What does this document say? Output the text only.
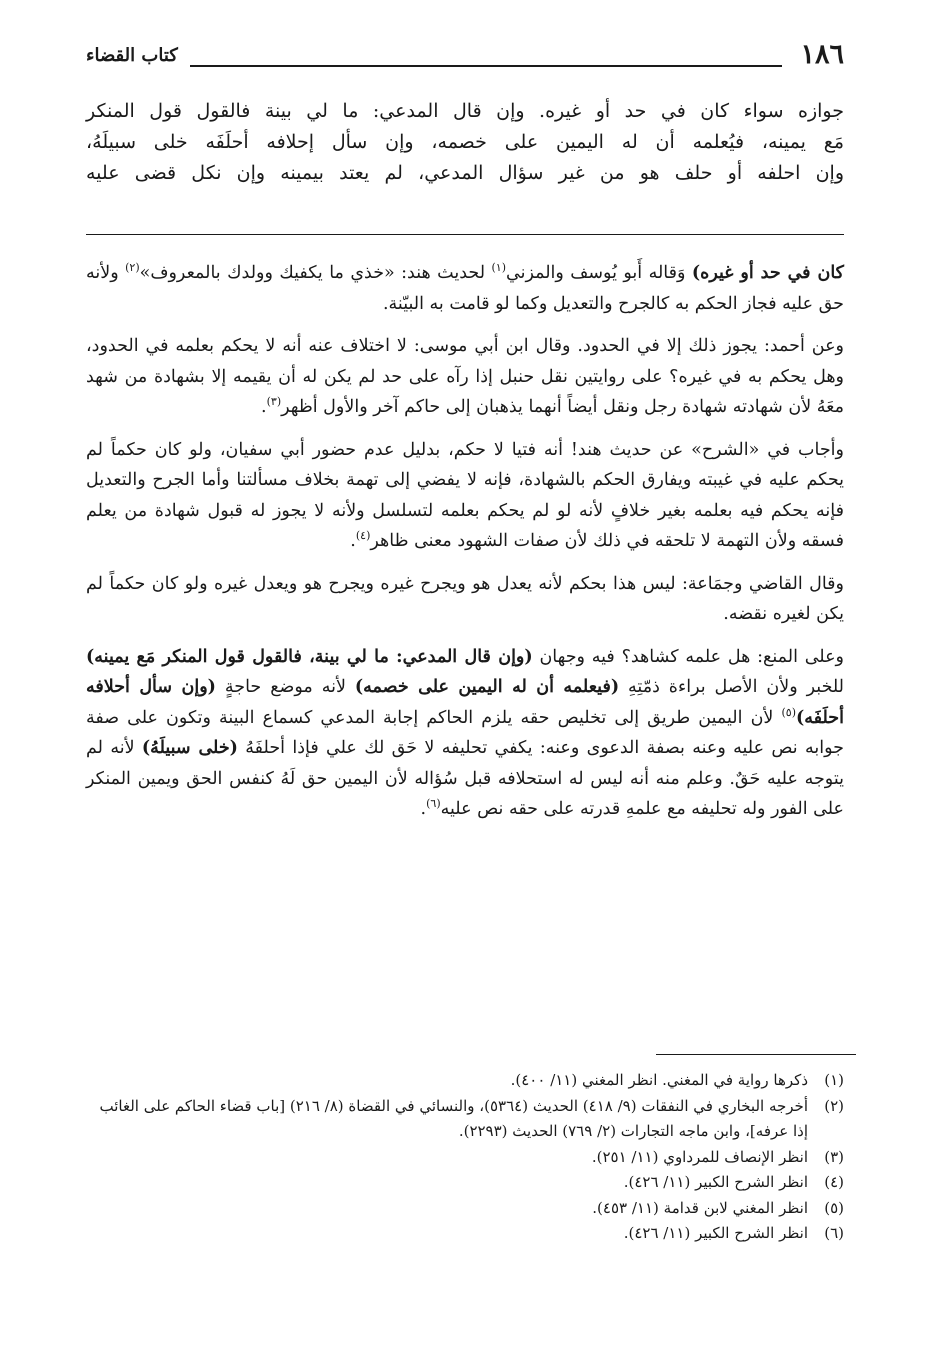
١٨٦
كتاب القضاء

جوازه سواء كان في حد أو غيره. وإن قال المدعي: ما لي بينة فالقول قول المنكر

مَع يمينه، فيُعلمه أن له اليمين على خصمه، وإن سأل إحلافه أحلَفَه خلى سبيلَهُ،

وإن احلفه أو حلف هو من غير سؤال المدعي، لم يعتد بيمينه وإن نكل قضى عليه

كان في حد أو غيره) وَقاله أَبو يُوسف والمزني$^{(١)}$ لحديث هند: «خذي ما يكفيك وولدك بالمعروف»$^{(٢)}$ ولأنه حق عليه فجاز الحكم به كالجرح والتعديل وكما لو قامت به البيّنة.

وعن أحمد: يجوز ذلك إلا في الحدود. وقال ابن أبي موسى: لا اختلاف عنه أنه لا يحكم بعلمه في الحدود، وهل يحكم به في غيره؟ على روايتين نقل حنبل إذا رآه على حد لم يكن له أن يقيمه إلا بشهادة من شهد معَهُ لأن شهادته شهادة رجل ونقل أيضاً أنهما يذهبان إلى حاكم آخر والأول أظهر$^{(٣)}$.

وأجاب في «الشرح» عن حديث هند! أنه فتيا لا حكم، بدليل عدم حضور أبي سفيان، ولو كان حكماً لم يحكم عليه في غيبته ويفارق الحكم بالشهادة، فإنه لا يفضي إلى تهمة بخلاف مسألتنا وأما الجرح والتعديل فإنه يحكم فيه بعلمه بغير خلافٍ لأنه لو لم يحكم بعلمه لتسلسل ولأنه لا يجوز له قبول شهادة من يعلم فسقه ولأن التهمة لا تلحقه في ذلك لأن صفات الشهود معنى ظاهر$^{(٤)}$.

وقال القاضي وجمَاعة: ليس هذا بحكم لأنه يعدل هو ويجرح غيره ويجرح هو ويعدل غيره ولو كان حكماً لم يكن لغيره نقضه.

وعلى المنع: هل علمه كشاهد؟ فيه وجهان (وإن قال المدعي: ما لي بينة، فالقول قول المنكر مَع يمينه) للخبر ولأن الأصل براءة ذمّتِهِ (فيعلمه أن له اليمين على خصمه) لأنه موضع حاجةٍ (وإن سأل أحلافه أحلَفَه)$^{(٥)}$ لأن اليمين طريق إلى تخليص حقه يلزم الحاكم إجابة المدعي كسماع البينة وتكون على صفة جوابه نص عليه وعنه بصفة الدعوى وعنه: يكفي تحليفه لا حَق لك علي فإذا أحلفَهُ (خلى سبيلَهُ) لأنه لم يتوجه عليه حَقٌ. وعلم منه أنه ليس له استحلافه قبل سُؤاله لأن اليمين حق لَهُ كنفس الحق ويمين المنكر على الفور وله تحليفه مع علمهِ قدرته على حقه نص عليه$^{(٦)}$.

(١)
ذكرها رواية في المغني. انظر المغني (١١/ ٤٠٠).
(٢)
أخرجه البخاري في النفقات (٩/ ٤١٨) الحديث (٥٣٦٤)، والنسائي في القضاة (٨/ ٢١٦) [باب قضاء الحاكم على الغائب إذا عرفه]، وابن ماجه التجارات (٢/ ٧٦٩) الحديث (٢٢٩٣).
(٣)
انظر الإنصاف للمرداوي (١١/ ٢٥١).
(٤)
انظر الشرح الكبير (١١/ ٤٢٦).
(٥)
انظر المغني لابن قدامة (١١/ ٤٥٣).
(٦)
انظر الشرح الكبير (١١/ ٤٢٦).
